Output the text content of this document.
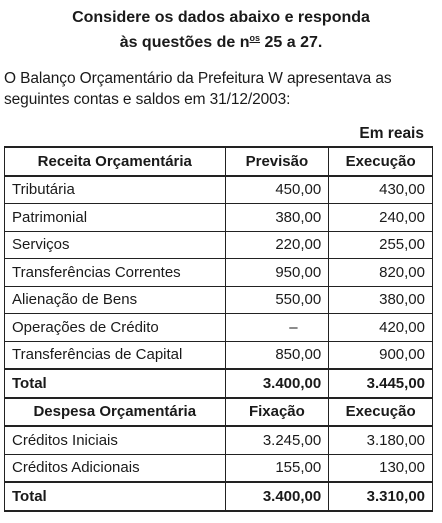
Considere os dados abaixo e responda
às questões de $n^{os}$ 25 a 27.
O Balanço Orçamentário da Prefeitura W apresentava as
seguintes contas e saldos em 31/12/2003:
Em reais
Receita Orçamentária	Previsão	Execução
Tributária	450,00	430,00
Patrimonial	380,00	240,00
Serviços	220,00	255,00
Transferências Correntes	950,00	820,00
Alienação de Bens	550,00	380,00
Operações de Crédito	–	420,00
Transferências de Capital	850,00	900,00
Total	3.400,00	3.445,00
Despesa Orçamentária	Fixação	Execução
Créditos Iniciais	3.245,00	3.180,00
Créditos Adicionais	155,00	130,00
Total	3.400,00	3.310,00
